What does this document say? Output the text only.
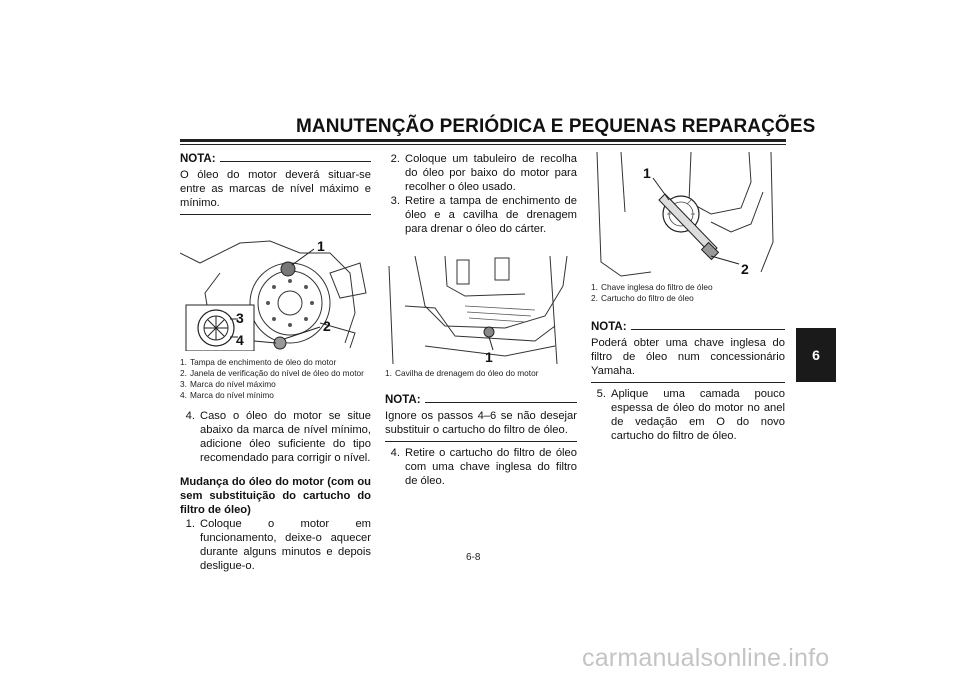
MANUTENÇÃO PERIÓDICA E PEQUENAS REPARAÇÕES
6
NOTA:
O óleo do motor deverá situar-se entre as marcas de nível máximo e mínimo.
1
2
3
4
1. Tampa de enchimento de óleo do motor
2. Janela de verificação do nível de óleo do motor
3. Marca do nível máximo
4. Marca do nível mínimo
4. Caso o óleo do motor se situe abaixo da marca de nível mínimo, adicione óleo suficiente do tipo recomendado para corrigir o nível.
Mudança do óleo do motor (com ou sem substituição do cartucho do filtro de óleo)
1. Coloque o motor em funcionamento, deixe-o aquecer durante alguns minutos e depois desligue-o.
2. Coloque um tabuleiro de recolha do óleo por baixo do motor para recolher o óleo usado.
3. Retire a tampa de enchimento de óleo e a cavilha de drenagem para drenar o óleo do cárter.
1
1. Cavilha de drenagem do óleo do motor
NOTA:
Ignore os passos 4–6 se não desejar substituir o cartucho do filtro de óleo.
4. Retire o cartucho do filtro de óleo com uma chave inglesa do filtro de óleo.
1
2
1. Chave inglesa do filtro de óleo
2. Cartucho do filtro de óleo
NOTA:
Poderá obter uma chave inglesa do filtro de óleo num concessionário Yamaha.
5. Aplique uma camada pouco espessa de óleo do motor no anel de vedação em O do novo cartucho do filtro de óleo.
6-8
carmanualsonline.info
